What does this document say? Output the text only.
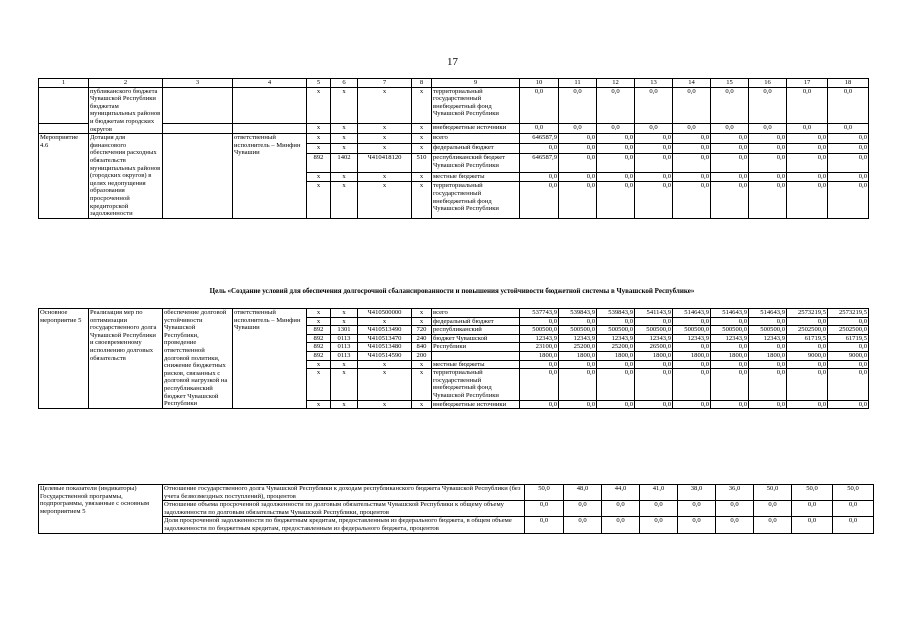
17
1	2	3	4	5	6	7	8	9	10	11	12	13	14	15	16	17	18
	публиканского бюджета Чувашской Республики бюджетам муниципальных районов и бюджетам городских округов			x	x	x	x	территориальный государственный внебюджетный фонд Чувашской Республики	0,0	0,0	0,0	0,0	0,0	0,0	0,0	0,0	0,0
				x	x	x	x	внебюджетные источники	0,0	0,0	0,0	0,0	0,0	0,0	0,0	0,0	0,0
Мероприятие 4.6	Дотация для финансового обеспечения расходных обязательств муниципальных районов (городских округов) в целях недопущения образования просроченной кредиторской задолженности		ответственный исполнитель – Минфин Чувашии	x	x	x	x	всего	646587,9	0,0	0,0	0,0	0,0	0,0	0,0	0,0	0,0
				x	x	x	x	федеральный бюджет	0,0	0,0	0,0	0,0	0,0	0,0	0,0	0,0	0,0
				892	1402	Ч410418120	510	республиканский бюджет Чувашской Республики	646587,9	0,0	0,0	0,0	0,0	0,0	0,0	0,0	0,0
				x	x	x	x	местные бюджеты	0,0	0,0	0,0	0,0	0,0	0,0	0,0	0,0	0,0
				x	x	x	x	территориальный государственный внебюджетный фонд Чувашской Республики	0,0	0,0	0,0	0,0	0,0	0,0	0,0	0,0	0,0
Цель «Создание условий для обеспечения долгосрочной сбалансированности и повышения устойчивости бюджетной системы в Чувашской Республике»
Основное мероприятие 5	Реализация мер по оптимизации государственного долга Чувашской Республики и своевременному исполнению долговых обязательств	обеспечение долговой устойчивости Чувашской Республики, проведение ответственной долговой политики, снижение бюджетных рисков, связанных с долговой нагрузкой на республиканский бюджет Чувашской Республики	ответственный исполнитель – Минфин Чувашии	x	x	Ч410500000	x	всего	537743,9	539843,9	539843,9	541143,9	514643,9	514643,9	514643,9	2573219,5	2573219,5
				x	x	x	x	федеральный бюджет	0,0	0,0	0,0	0,0	0,0	0,0	0,0	0,0	0,0
				892	1301	Ч410513490	720	республиканский	500500,0	500500,0	500500,0	500500,0	500500,0	500500,0	500500,0	2502500,0	2502500,0
				892	0113	Ч410513470	240	бюджет Чувашской	12343,9	12343,9	12343,9	12343,9	12343,9	12343,9	12343,9	61719,5	61719,5
				892	0113	Ч410513480	840	Республики	23100,0	25200,0	25200,0	26500,0	0,0	0,0	0,0	0,0	0,0
				892	0113	Ч410514590	200		1800,0	1800,0	1800,0	1800,0	1800,0	1800,0	1800,0	9000,0	9000,0
				x	x	x	x	местные бюджеты	0,0	0,0	0,0	0,0	0,0	0,0	0,0	0,0	0,0
				x	x	x	x	территориальный государственный внебюджетный фонд Чувашской Республики	0,0	0,0	0,0	0,0	0,0	0,0	0,0	0,0	0,0
				x	x	x	x	внебюджетные источники	0,0	0,0	0,0	0,0	0,0	0,0	0,0	0,0	0,0
Целевые показатели (индикаторы) Государственной программы, подпрограммы, увязанные с основным мероприятием 5	Отношение государственного долга Чувашской Республики к доходам республиканского бюджета Чувашской Республики (без учета безвозмездных поступлений), процентов	50,0	48,0	44,0	41,0	38,0	36,0	50,0	50,0	50,0
	Отношение объема просроченной задолженности по долговым обязательствам Чувашской Республики к общему объему задолженности по долговым обязательствам Чувашской Республики, процентов	0,0	0,0	0,0	0,0	0,0	0,0	0,0	0,0	0,0
	Доля просроченной задолженности по бюджетным кредитам, предоставленным из федерального бюджета, в общем объеме задолженности по бюджетным кредитам, предоставленным из федерального бюджета, процентов	0,0	0,0	0,0	0,0	0,0	0,0	0,0	0,0	0,0
